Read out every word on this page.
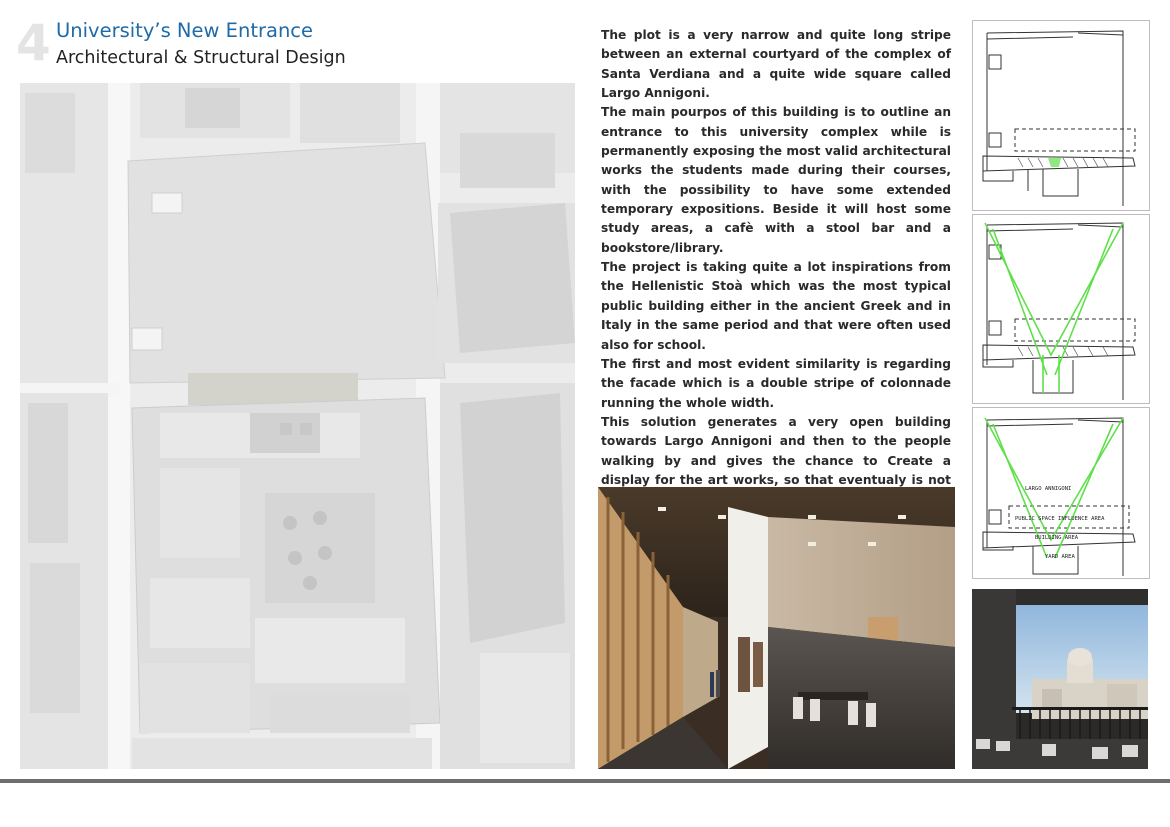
4 University’s New Entrance
Architectural & Structural Design

The plot is a very narrow and quite long stripe between an external courtyard of the complex of Santa Verdiana and a quite wide square called Largo Annigoni.

The main pourpos of this building is to outline an entrance to this university complex while is permanently exposing the most valid architectural works the students made during their courses, with the possibility to have some extended temporary expositions. Beside it will host some study areas, a cafè with a stool bar and a bookstore/library.

The project is taking quite a lot inspirations from the Hellenistic Stoà which was the most typical public building either in the ancient Greek and in Italy in the same period and that were often used also for school.

The first and most evident similarity is regarding the facade which is a double stripe of colonnade running the whole width.

This solution generates a very open building towards Largo Annigoni and then to the people walking by and gives the chance to Create a display for the art works, so that eventualy is not

LARGO ANNIGONI
PUBLIC SPACE INFLUENCE AREA
BUILDING AREA
YARD AREA
